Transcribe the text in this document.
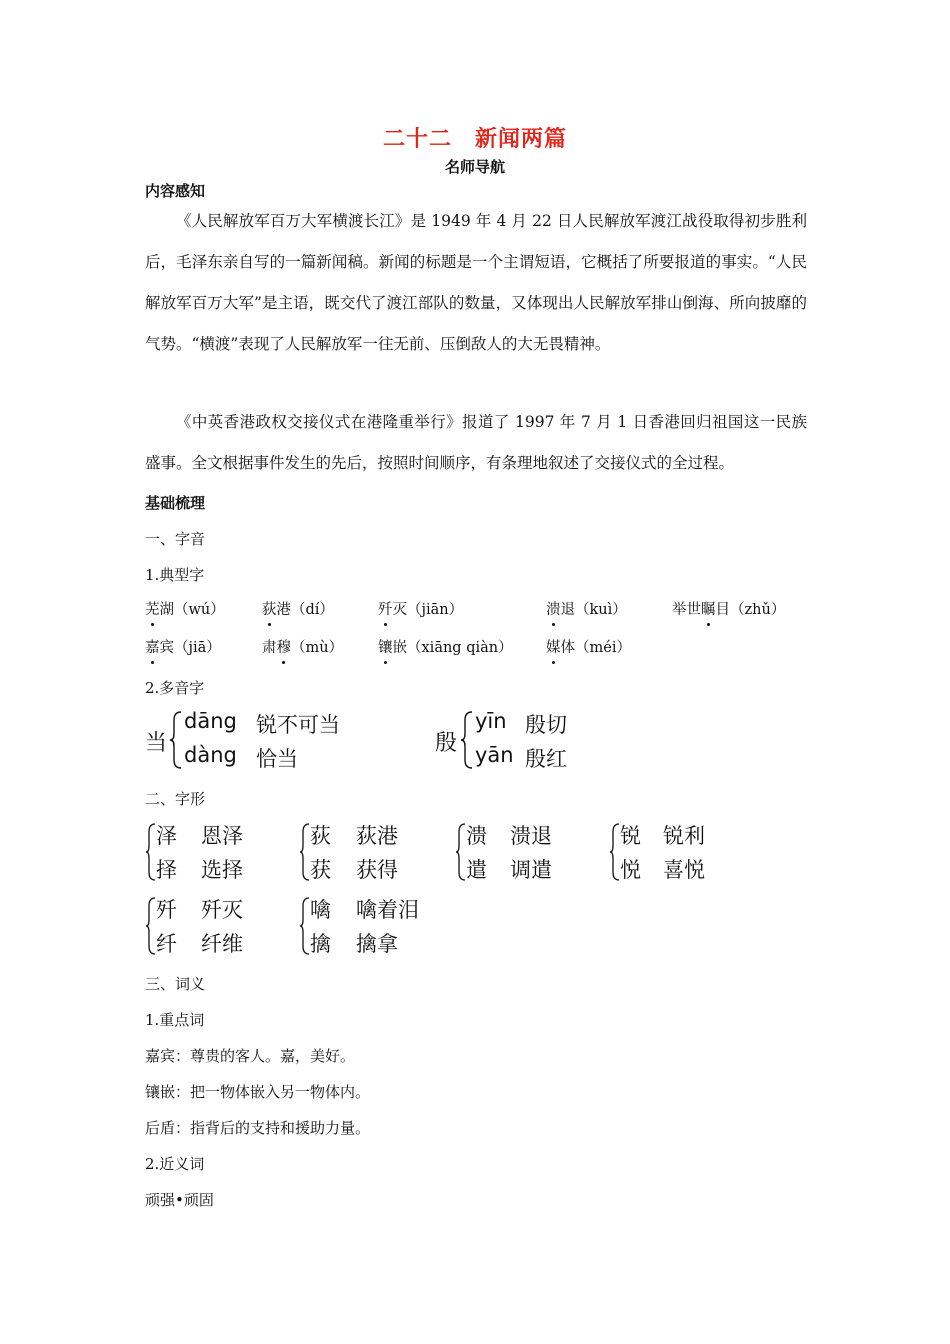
二十二　新闻两篇
名师导航
内容感知
《人民解放军百万大军横渡长江》是 1949 年 4 月 22 日人民解放军渡江战役取得初步胜利后，毛泽东亲自写的一篇新闻稿。新闻的标题是一个主谓短语，它概括了所要报道的事实。“人民解放军百万大军”是主语，既交代了渡江部队的数量，又体现出人民解放军排山倒海、所向披靡的气势。“横渡”表现了人民解放军一往无前、压倒敌人的大无畏精神。
《中英香港政权交接仪式在港隆重举行》报道了 1997 年 7 月 1 日香港回归祖国这一民族盛事。全文根据事件发生的先后，按照时间顺序，有条理地叙述了交接仪式的全过程。
基础梳理
一、字音
1.典型字
芜湖（wú）	荻港（dí）	歼灭（jiān）	溃退（kuì）	举世瞩目（zhǔ）
嘉宾（jiā）	肃穆（mù） 镶嵌（xiāng qiàn） 媒体（méi）
2.多音字
当
dāng 锐不可当
dàng 恰当
殷
yīn 殷切
yān 殷红
二、字形
泽 恩泽
择 选择
荻 荻港
获 获得
溃 溃退
遣 调遣
锐 锐利
悦 喜悦
歼 歼灭
纤 纤维
噙 噙着泪
擒 擒拿
三、词义
1.重点词
嘉宾：尊贵的客人。嘉，美好。
镶嵌：把一物体嵌入另一物体内。
后盾：指背后的支持和援助力量。
2.近义词
顽强•顽固
